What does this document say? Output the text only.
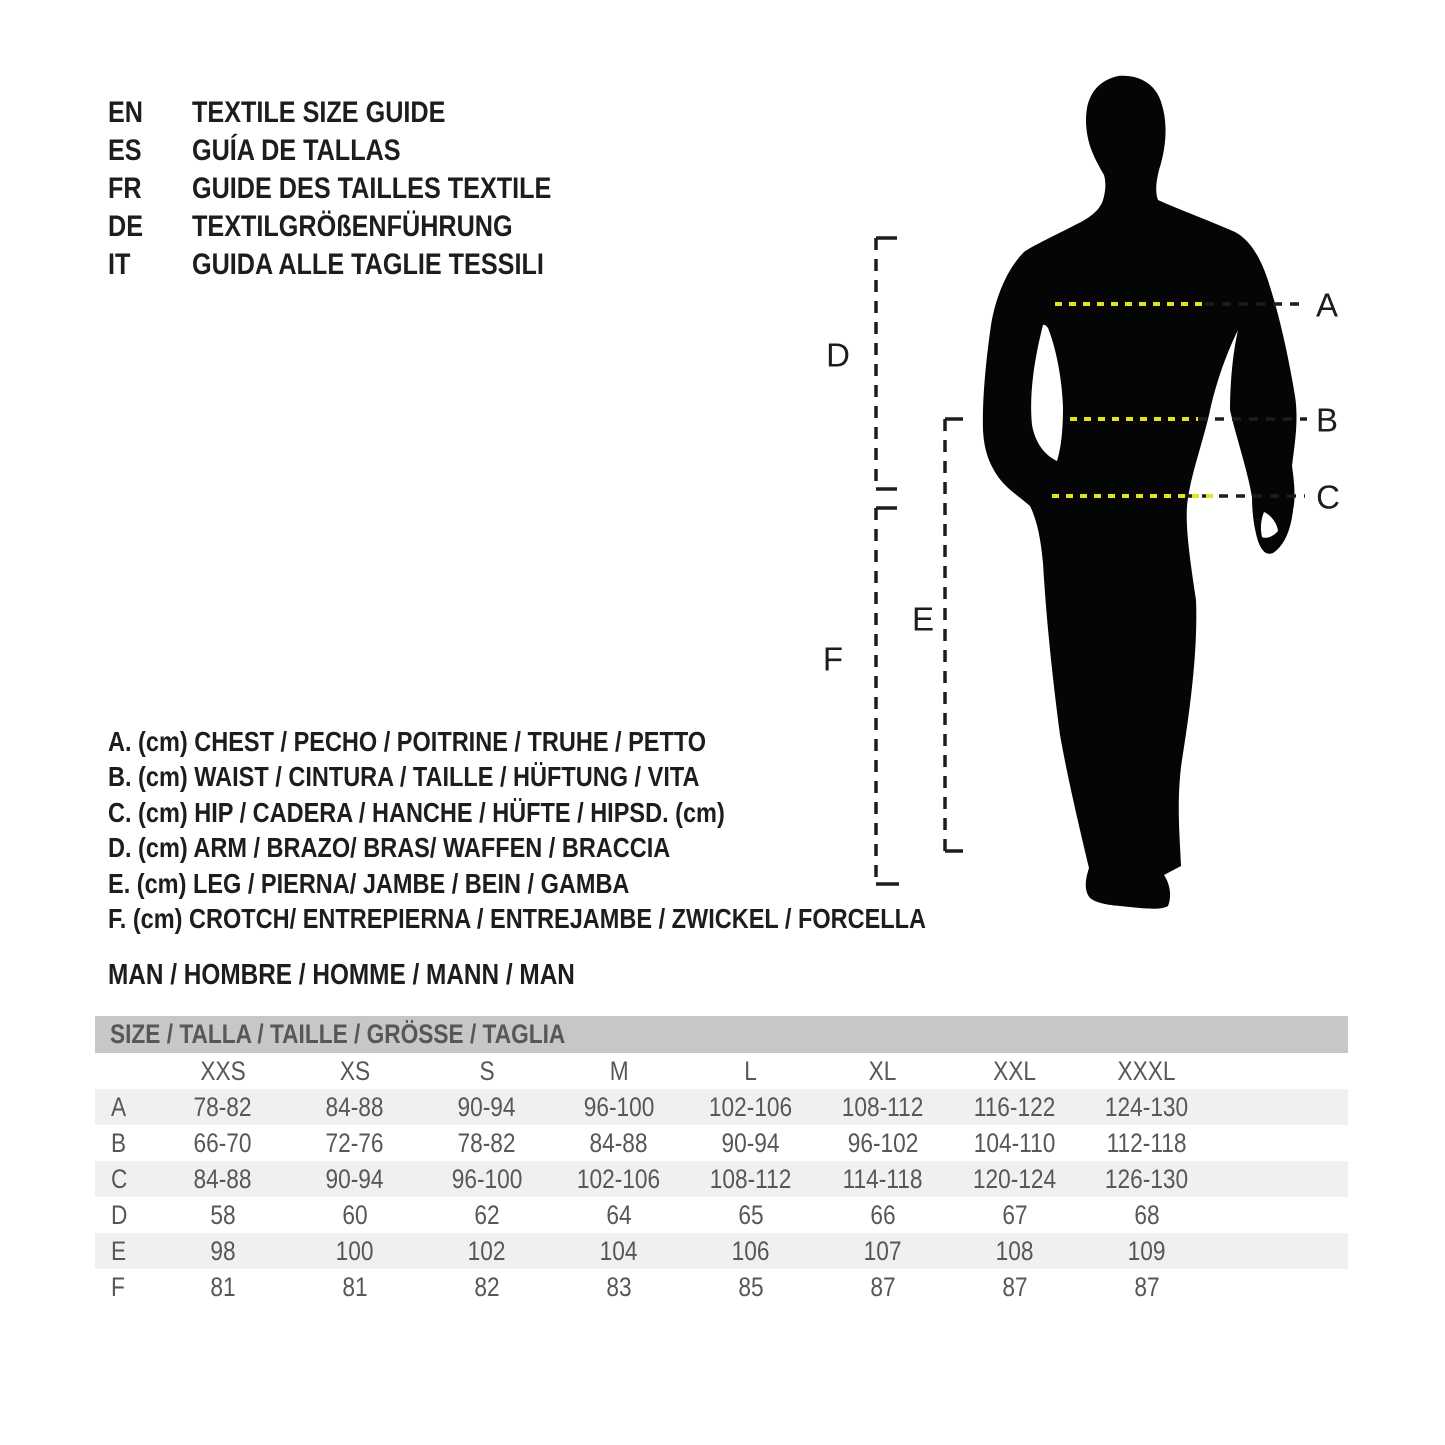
EN	TEXTILE SIZE GUIDE
ES	GUÍA DE TALLAS
FR	GUIDE DES TAILLES TEXTILE
DE	TEXTILGRÖßENFÜHRUNG
IT	GUIDA ALLE TAGLIE TESSILI
A. (cm) CHEST / PECHO / POITRINE / TRUHE / PETTO
B. (cm) WAIST / CINTURA / TAILLE / HÜFTUNG / VITA
C. (cm) HIP / CADERA / HANCHE / HÜFTE / HIPSD. (cm)
D. (cm) ARM / BRAZO/ BRAS/ WAFFEN / BRACCIA
E. (cm) LEG / PIERNA/ JAMBE / BEIN / GAMBA
F. (cm) CROTCH/ ENTREPIERNA / ENTREJAMBE / ZWICKEL / FORCELLA
MAN / HOMBRE / HOMME / MANN / MAN
D
F
E
A
B
C
SIZE / TALLA / TAILLE / GRÖSSE / TAGLIA
	XXS	XS	S	M	L	XL	XXL	XXXL	
A	78-82	84-88	90-94	96-100	102-106	108-112	116-122	124-130	
B	66-70	72-76	78-82	84-88	90-94	96-102	104-110	112-118	
C	84-88	90-94	96-100	102-106	108-112	114-118	120-124	126-130	
D	58	60	62	64	65	66	67	68	
E	98	100	102	104	106	107	108	109	
F	81	81	82	83	85	87	87	87	
